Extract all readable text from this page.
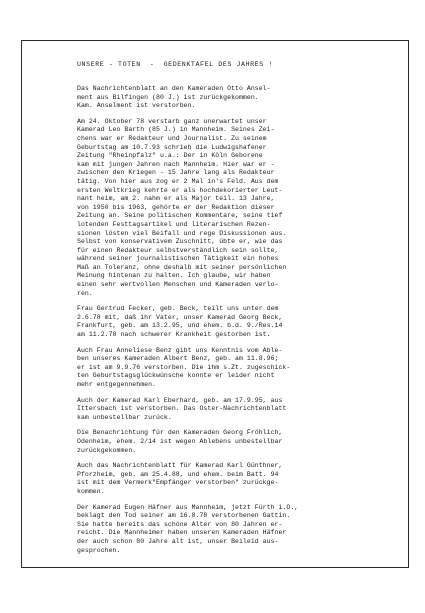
UNSERE - TOTEN  -  GEDENKTAFEL DES JAHRES !
Das Nachrichtenblatt an den Kameraden Otto Ansel-
ment aus Bilfingen (80 J.) ist zurückgekommen.
Kam. Anselment ist verstorben.
Am 24. Oktober 78 verstarb ganz unerwartet unser
Kamerad Leo Barth (85 J.) in Mannheim. Seines Zei-
chens war er Redakteur und Journalist. Zu seinem
Geburtstag am 10.7.93 schrieb die Ludwigshafener
Zeitung "Rheinpfalz" u.a.: Der in Köln Geborene
kam mit jungen Jahren nach Mannheim. Hier war er -
zwischen den Kriegen - 15 Jahre lang als Redakteur
tätig. Von hier aus zog er 2 Mal in's Feld. Aus dem
ersten Weltkrieg kehrte er als hochdekorierter Leut-
nant heim, am 2. nahm er als Major teil. 13 Jahre,
von 1950 bis 1963, gehörte er der Redaktion dieser
Zeitung an. Seine politischen Kommentare, seine tief
lotenden Festtagsartikel und literarischen Rezen-
sionen lösten viel Beifall und rege Diskussionen aus.
Selbst von konservativem Zuschnitt, übte er, wie das
für einen Redakteur selbstverständlich sein sollte,
während seiner journalistischen Tätigkeit ein hohes
Maß an Toleranz, ohne deshalb mit seiner persönlichen
Meinung hintenan zu halten. Ich glaube, wir haben
einen sehr wertvollen Menschen und Kameraden verlo-
ren.
Frau Gertrud Fecker, geb. Beck, teilt uns unter dem
2.6.78 mit, daß ihr Vater, unser Kamerad Georg Beck,
Frankfurt, geb. am 13.2.95, und ehem. b.d. 9./Res.14
am 11.2.78 nach schwerer Krankheit gestorben ist.
Auch Frau Anneliese Benz gibt uns Kenntnis vom Able-
ben unseres Kameraden Albert Benz, geb. am 11.8.96;
er ist am 9.9.76 verstorben. Die ihm s.Zt. zugeschick-
ten Geburtstagsglückwünsche konnte er leider nicht
mehr entgegennehmen.
Auch der Kamerad Karl Eberhard, geb. am 17.9.95, aus
Ittersbach ist verstorben. Das Oster-Nachrichtenblatt
kam unbestellbar zurück.
Die Benachrichtung für den Kameraden Georg Fröhlich,
Odenheim, ehem. 2/14 ist wegen Ablebens unbestellbar
zurückgekommen.
Auch das Nachrichtenblatt für Kamerad Karl Günthner,
Pforzheim, geb. am 25.4.88, und ehem. beim Batt. 94
ist mit dem Vermerk"Empfänger verstorben" zurückge-
kommen.
Der Kamerad Eugen Häfner aus Mannheim, jetzt Fürth i.O.,
beklagt den Tod seiner am 16.8.78 verstorbenen Gattin.
Sie hatte bereits das schöne Alter von 80 Jahren er-
reicht. Die Mannheimer haben unseren Kameraden Häfner
der auch schon 80 Jahre alt ist, unser Beileid aus-
gesprochen.
